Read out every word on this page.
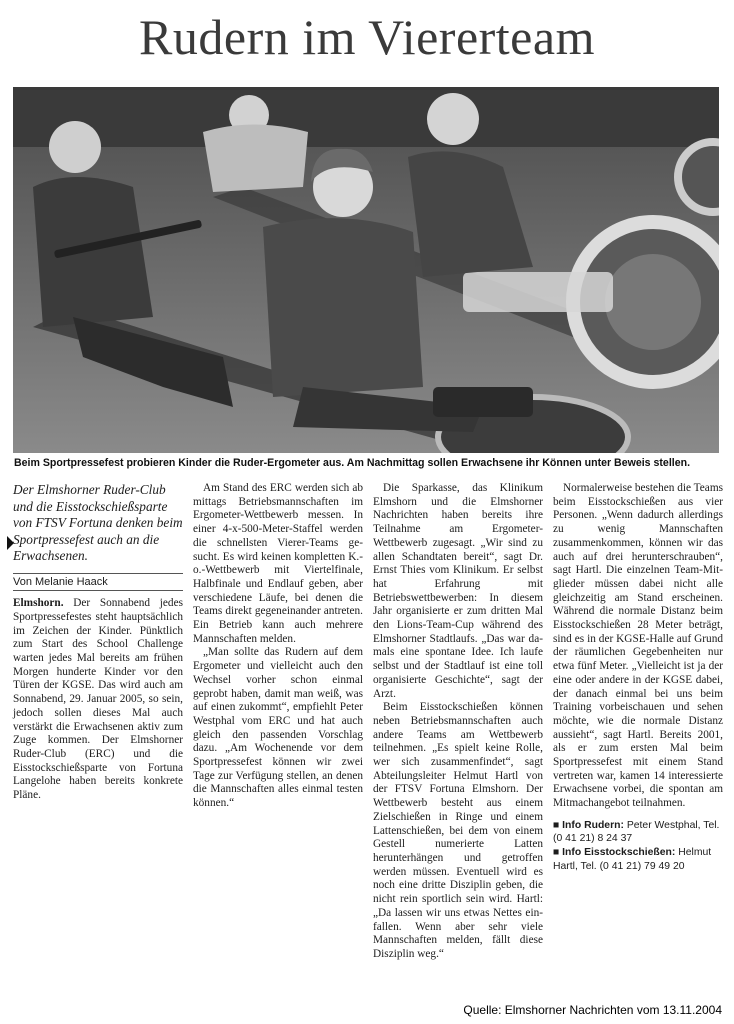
Rudern im Viererteam
Beim Sportpressefest probieren Kinder die Ruder-Ergometer aus. Am Nachmittag sollen Erwachsene ihr Können unter Beweis stellen.
Der Elmshorner Ruder-Club und die Eisstockschießsparte von FTSV Fortuna denken beim Sportpressefest auch an die Erwachsenen.
Von Melanie Haack

Elmshorn. Der Sonnabend jedes Sportpressefestes steht hauptsächlich im Zeichen der Kinder. Pünktlich zum Start des School Challenge warten jedes Mal bereits am frühen Morgen hunderte Kinder vor den Türen der KGSE. Das wird auch am Sonnabend, 29. Januar 2005, so sein, jedoch sollen dieses Mal auch verstärkt die Erwachsenen aktiv zum Zuge kommen. Der Elmshorner Ruder-Club (ERC) und die Eisstockschießsparte von Fortuna Langelohe haben bereits konkrete Pläne.

Am Stand des ERC werden sich ab mittags Betriebsmannschaften im Ergometer-Wettbewerb messen. In einer 4-x-500-Meter-Staffel werden die schnellsten Vierer-Teams gesucht. Es wird keinen kompletten K.-o.-Wettbewerb mit Viertelfinale, Halbfinale und Endlauf geben, aber verschiedene Läufe, bei denen die Teams direkt gegeneinander antreten. Ein Betrieb kann auch mehrere Mannschaften melden.

„Man sollte das Rudern auf dem Ergometer und vielleicht auch den Wechsel vorher schon einmal geprobt haben, damit man weiß, was auf einen zukommt“, empfiehlt Peter Westphal vom ERC und hat auch gleich den passenden Vorschlag dazu. „Am Wochenende vor dem Sportpressefest können wir zwei Tage zur Verfügung stellen, an denen die Mannschaften alles einmal testen können.“

Die Sparkasse, das Klinikum Elmshorn und die Elmshorner Nachrichten haben bereits ihre Teilnahme am Ergometer-Wettbewerb zugesagt. „Wir sind zu allen Schandtaten bereit“, sagt Dr. Ernst Thies vom Klinikum. Er selbst hat Erfahrung mit Betriebswettbewerben: In diesem Jahr organisierte er zum dritten Mal den Lions-Team-Cup während des Elmshorner Stadtlaufs. „Das war damals eine spontane Idee. Ich laufe selbst und der Stadtlauf ist eine toll organisierte Geschichte“, sagt der Arzt.

Beim Eisstockschießen können neben Betriebsmannschaften auch andere Teams am Wettbewerb teilnehmen. „Es spielt keine Rolle, wer sich zusammenfindet“, sagt Abteilungsleiter Helmut Hartl von der FTSV Fortuna Elmshorn. Der Wettbewerb besteht aus einem Zielschießen in Ringe und einem Lattenschießen, bei dem von einem Gestell numerierte Latten herunterhängen und getroffen werden müssen. Eventuell wird es noch eine dritte Disziplin geben, die nicht rein sportlich sein wird. Hartl: „Da lassen wir uns etwas Nettes einfallen. Wenn aber sehr viele Mannschaften melden, fällt diese Disziplin weg.“

Normalerweise bestehen die Teams beim Eisstockschießen aus vier Personen. „Wenn dadurch allerdings zu wenig Mannschaften zusammenkommen, können wir das auch auf drei herunterschrauben“, sagt Hartl. Die einzelnen Team-Mitglieder müssen dabei nicht alle gleichzeitig am Stand erscheinen. Während die normale Distanz beim Eisstockschießen 28 Meter beträgt, sind es in der KGSE-Halle auf Grund der räumlichen Gegebenheiten nur etwa fünf Meter. „Vielleicht ist ja der eine oder andere in der KGSE dabei, der danach einmal bei uns beim Training vorbeischauen und sehen möchte, wie die normale Distanz aussieht“, sagt Hartl. Bereits 2001, als er zum ersten Mal beim Sportpressefest mit einem Stand vertreten war, kamen 14 interessierte Erwachsene vorbei, die spontan am Mitmachangebot teilnahmen.

■ Info Rudern: Peter Westphal, Tel. (0 41 21) 8 24 37

■ Info Eisstockschießen: Helmut Hartl, Tel. (0 41 21) 79 49 20

Quelle: Elmshorner Nachrichten vom 13.11.2004
